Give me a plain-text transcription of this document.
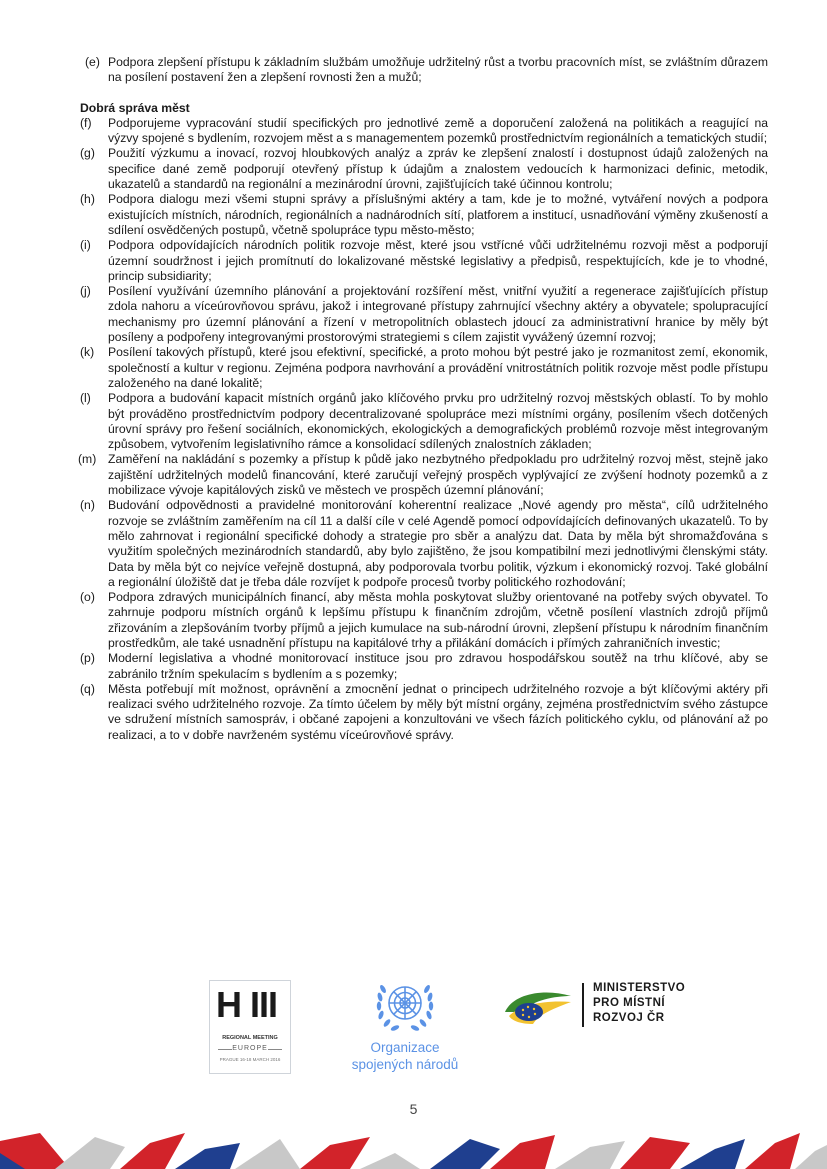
(e) Podpora zlepšení přístupu k základním službám umožňuje udržitelný růst a tvorbu pracovních míst, se zvláštním důrazem na posílení postavení žen a zlepšení rovnosti žen a mužů;
Dobrá správa měst
(f)	Podporujeme vypracování studií specifických pro jednotlivé země a doporučení založená na politikách a reagující na výzvy spojené s bydlením, rozvojem měst a s managementem pozemků prostřednictvím regionálních a tematických studií;
(g)	Použití výzkumu a inovací, rozvoj hloubkových analýz a zpráv ke zlepšení znalostí i dostupnost údajů založených na specifice dané země podporují otevřený přístup k údajům a znalostem vedoucích k harmonizaci definic, metodik, ukazatelů a standardů na regionální a mezinárodní úrovni, zajišťujících také účinnou kontrolu;
(h)	Podpora dialogu mezi všemi stupni správy a příslušnými aktéry a tam, kde je to možné, vytváření nových a podpora existujících místních, národních, regionálních a nadnárodních sítí, platforem a institucí, usnadňování výměny zkušeností a sdílení osvědčených postupů, včetně spolupráce typu město-město;
(i)	Podpora odpovídajících národních politik rozvoje měst, které jsou vstřícné vůči udržitelnému rozvoji měst a podporují územní soudržnost i jejich promítnutí do lokalizované městské legislativy a předpisů, respektujících, kde je to vhodné, princip subsidiarity;
(j)	Posílení využívání územního plánování a projektování rozšíření měst, vnitřní využití a regenerace zajišťujících přístup zdola nahoru a víceúrovňovou správu, jakož i integrované přístupy zahrnující všechny aktéry a obyvatele; spolupracující mechanismy pro územní plánování a řízení v metropolitních oblastech jdoucí za administrativní hranice by měly být posíleny a podpořeny integrovanými prostorovými strategiemi s cílem zajistit vyvážený územní rozvoj;
(k)	Posílení takových přístupů, které jsou efektivní, specifické, a proto mohou být pestré jako je rozmanitost zemí, ekonomik, společností a kultur v regionu. Zejména podpora navrhování a provádění vnitrostátních politik rozvoje měst podle přístupu založeného na dané lokalitě;
(l)	Podpora a budování kapacit místních orgánů jako klíčového prvku pro udržitelný rozvoj městských oblastí. To by mohlo být prováděno prostřednictvím podpory decentralizované spolupráce mezi místními orgány, posílením všech dotčených úrovní správy pro řešení sociálních, ekonomických, ekologických a demografických problémů rozvoje měst integrovaným způsobem, vytvořením legislativního rámce a konsolidací sdílených znalostních základen;
(m) Zaměření na nakládání s pozemky a přístup k půdě jako nezbytného předpokladu pro udržitelný rozvoj měst, stejně jako zajištění udržitelných modelů financování, které zaručují veřejný prospěch vyplývající ze zvýšení hodnoty pozemků a z mobilizace vývoje kapitálových zisků ve městech ve prospěch územní plánování;
(n)	Budování odpovědnosti a pravidelné monitorování koherentní realizace „Nové agendy pro města“, cílů udržitelného rozvoje se zvláštním zaměřením na cíl 11 a další cíle v celé Agendě pomocí odpovídajících definovaných ukazatelů. To by mělo zahrnovat i regionální specifické dohody a strategie pro sběr a analýzu dat. Data by měla být shromažďována s využitím společných mezinárodních standardů, aby bylo zajištěno, že jsou kompatibilní mezi jednotlivými členskými státy. Data by měla být co nejvíce veřejně dostupná, aby podporovala tvorbu politik, výzkum i ekonomický rozvoj. Také globální a regionální úložiště dat je třeba dále rozvíjet k podpoře procesů tvorby politického rozhodování;
(o)	Podpora zdravých municipálních financí, aby města mohla poskytovat služby orientované na potřeby svých obyvatel. To zahrnuje podporu místních orgánů k lepšímu přístupu k finančním zdrojům, včetně posílení vlastních zdrojů příjmů zřizováním a zlepšováním tvorby příjmů a jejich kumulace na sub-národní úrovni, zlepšení přístupu k národním finančním prostředkům, ale také usnadnění přístupu na kapitálové trhy a přilákání domácích i přímých zahraničních investic;
(p)	Moderní legislativa a vhodné monitorovací instituce jsou pro zdravou hospodářskou soutěž na trhu klíčové, aby se zabránilo tržním spekulacím s bydlením a s pozemky;
(q)	Města potřebují mít možnost, oprávnění a zmocnění jednat o principech udržitelného rozvoje a být klíčovými aktéry při realizaci svého udržitelného rozvoje. Za tímto účelem by měly být místní orgány, zejména prostřednictvím svého zástupce ve sdružení místních samospráv, i občané zapojeni a konzultováni ve všech fázích politického cyklu, od plánování až po realizaci, a to v dobře navrženém systému víceúrovňové správy.
H III
REGIONAL MEETING
EUROPE
PRAGUE 16-18 MARCH 2016
Organizace
spojených národů
MINISTERSTVO
PRO MÍSTNÍ
ROZVOJ ČR
5
